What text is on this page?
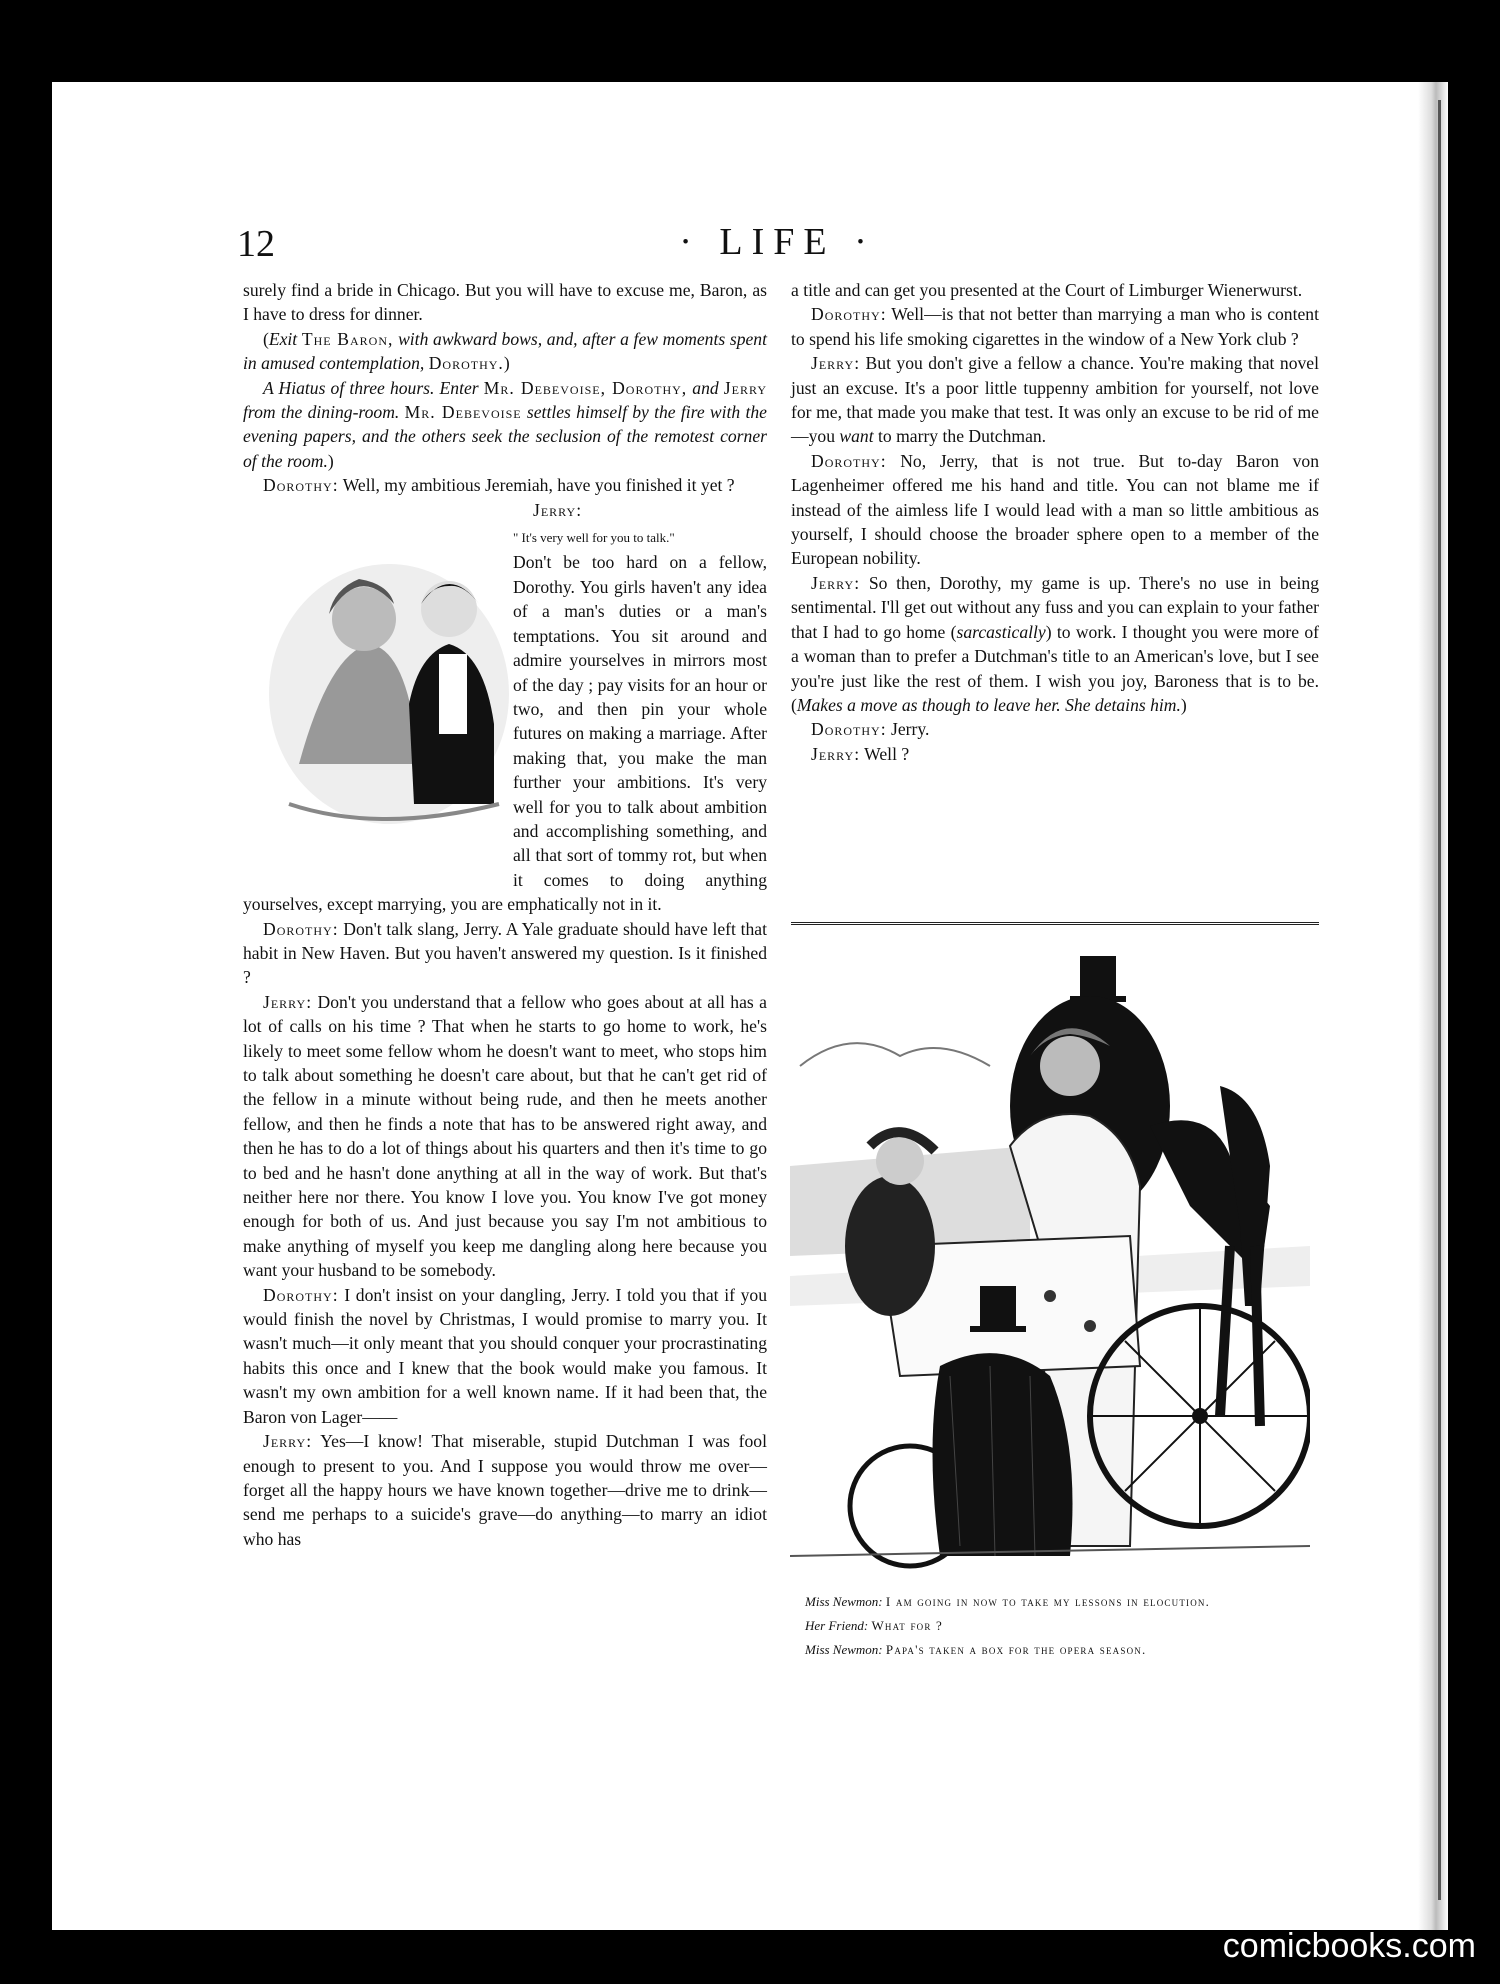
12	· LIFE ·

surely find a bride in Chicago. But you will have to excuse me, Baron, as I have to dress for dinner.

(Exit The Baron, with awkward bows, and, after a few moments spent in amused contemplation, Dorothy.)

A Hiatus of three hours. Enter Mr. Debevoise, Dorothy, and Jerry from the dining-room. Mr. Debevoise settles himself by the fire with the evening papers, and the others seek the seclusion of the remotest corner of the room.)

Dorothy: Well, my ambitious Jeremiah, have you finished it yet ?

Jerry:

" It's very well for you to talk."
Don't be too hard on a fellow, Dorothy. You girls haven't any idea of a man's duties or a man's temptations. You sit around and admire yourselves in mirrors most of the day ; pay visits for an hour or two, and then pin your whole futures on making a marriage. After making that, you make the man further your ambitions. It's very well for you to talk about ambition and accomplishing something, and all that sort of tommy rot, but when it comes to doing anything yourselves, except marrying, you are emphatically not in it.

Dorothy: Don't talk slang, Jerry. A Yale graduate should have left that habit in New Haven. But you haven't answered my question. Is it finished ?

Jerry: Don't you understand that a fellow who goes about at all has a lot of calls on his time ? That when he starts to go home to work, he's likely to meet some fellow whom he doesn't want to meet, who stops him to talk about something he doesn't care about, but that he can't get rid of the fellow in a minute without being rude, and then he meets another fellow, and then he finds a note that has to be answered right away, and then he has to do a lot of things about his quarters and then it's time to go to bed and he hasn't done anything at all in the way of work. But that's neither here nor there. You know I love you. You know I've got money enough for both of us. And just because you say I'm not ambitious to make anything of myself you keep me dangling along here because you want your husband to be somebody.

Dorothy: I don't insist on your dangling, Jerry. I told you that if you would finish the novel by Christmas, I would promise to marry you. It wasn't much—it only meant that you should conquer your procrastinating habits this once and I knew that the book would make you famous. It wasn't my own ambition for a well known name. If it had been that, the Baron von Lager——

Jerry: Yes—I know! That miserable, stupid Dutchman I was fool enough to present to you. And I suppose you would throw me over—forget all the happy hours we have known together—drive me to drink—send me perhaps to a suicide's grave—do anything—to marry an idiot who has

a title and can get you presented at the Court of Limburger Wienerwurst.

Dorothy: Well—is that not better than marrying a man who is content to spend his life smoking cigarettes in the window of a New York club ?

Jerry: But you don't give a fellow a chance. You're making that novel just an excuse. It's a poor little tuppenny ambition for yourself, not love for me, that made you make that test. It was only an excuse to be rid of me—you want to marry the Dutchman.

Dorothy: No, Jerry, that is not true. But to-day Baron von Lagenheimer offered me his hand and title. You can not blame me if instead of the aimless life I would lead with a man so little ambitious as yourself, I should choose the broader sphere open to a member of the European nobility.

Jerry: So then, Dorothy, my game is up. There's no use in being sentimental. I'll get out without any fuss and you can explain to your father that I had to go home (sarcastically) to work. I thought you were more of a woman than to prefer a Dutchman's title to an American's love, but I see you're just like the rest of them. I wish you joy, Baroness that is to be. (Makes a move as though to leave her. She detains him.)

Dorothy: Jerry.

Jerry: Well ?

Miss Newmon: I am going in now to take my lessons in elocution.
Her Friend: What for ?
Miss Newmon: Papa's taken a box for the opera season.
comicbooks.com
